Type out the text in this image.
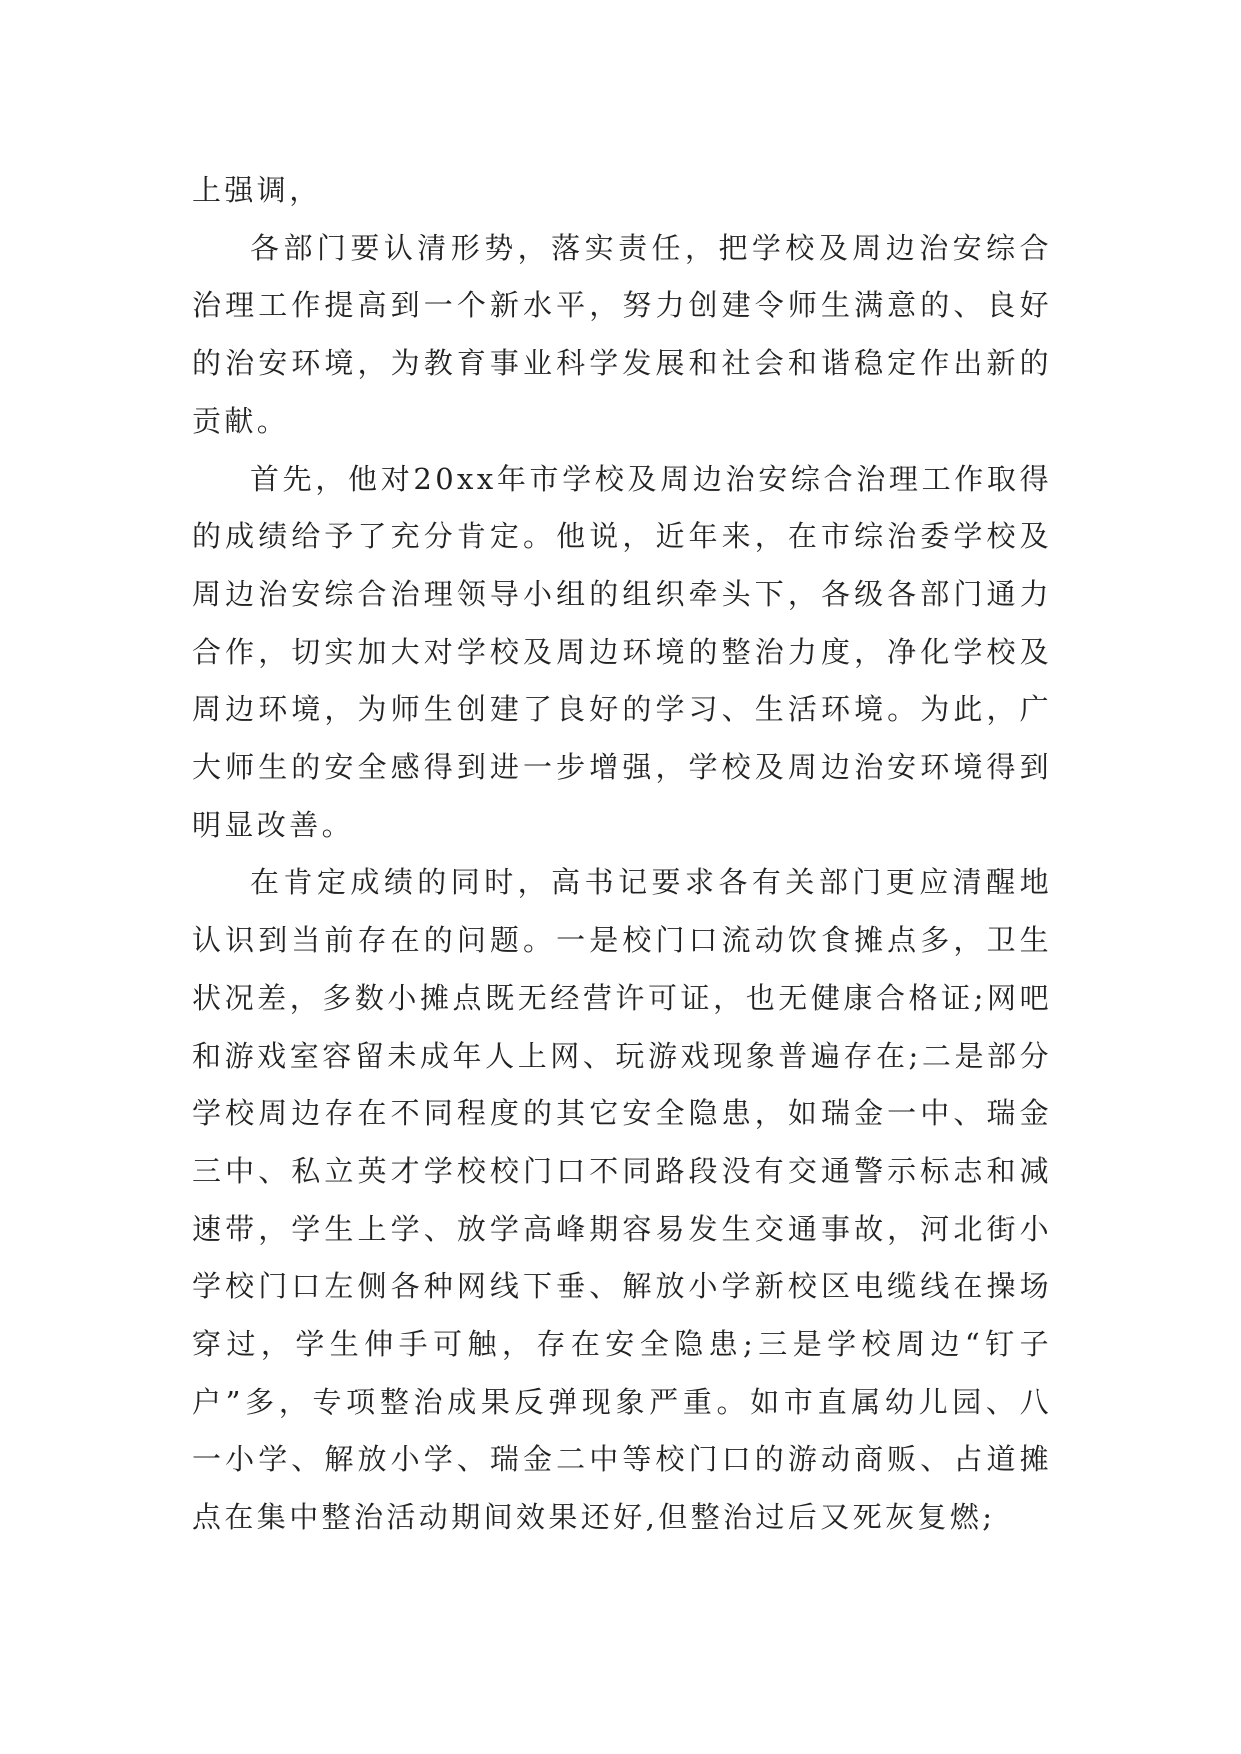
上强调，

各部门要认清形势，落实责任，把学校及周边治安综合治理工作提高到一个新水平，努力创建令师生满意的、良好的治安环境，为教育事业科学发展和社会和谐稳定作出新的贡献。

首先，他对20xx年市学校及周边治安综合治理工作取得的成绩给予了充分肯定。他说，近年来，在市综治委学校及周边治安综合治理领导小组的组织牵头下，各级各部门通力合作，切实加大对学校及周边环境的整治力度，净化学校及周边环境，为师生创建了良好的学习、生活环境。为此，广大师生的安全感得到进一步增强，学校及周边治安环境得到明显改善。

在肯定成绩的同时，高书记要求各有关部门更应清醒地认识到当前存在的问题。一是校门口流动饮食摊点多，卫生状况差，多数小摊点既无经营许可证，也无健康合格证;网吧和游戏室容留未成年人上网、玩游戏现象普遍存在;二是部分学校周边存在不同程度的其它安全隐患，如瑞金一中、瑞金三中、私立英才学校校门口不同路段没有交通警示标志和减速带，学生上学、放学高峰期容易发生交通事故，河北街小学校门口左侧各种网线下垂、解放小学新校区电缆线在操场穿过，学生伸手可触，存在安全隐患;三是学校周边“钉子户”多，专项整治成果反弹现象严重。如市直属幼儿园、八一小学、解放小学、瑞金二中等校门口的游动商贩、占道摊点在集中整治活动期间效果还好,但整治过后又死灰复燃;
